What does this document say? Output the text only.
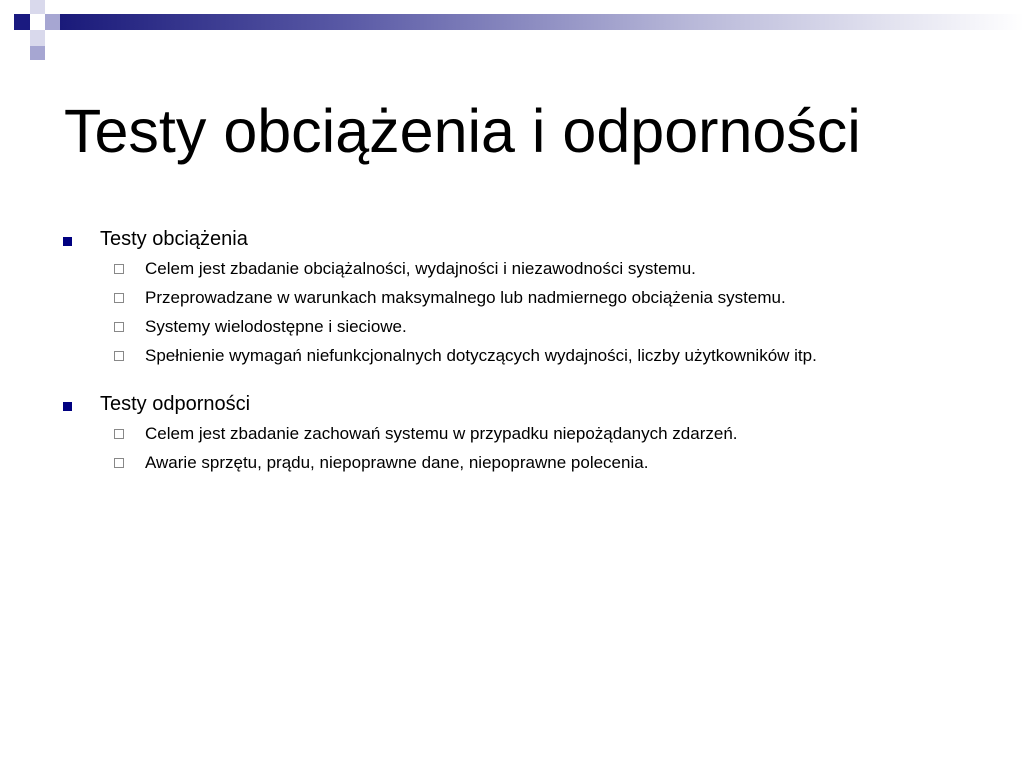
Testy obciążenia i odporności
Testy obciążenia
Celem jest zbadanie obciążalności, wydajności i niezawodności systemu.
Przeprowadzane w warunkach maksymalnego lub nadmiernego obciążenia systemu.
Systemy wielodostępne i sieciowe.
Spełnienie wymagań niefunkcjonalnych dotyczących wydajności, liczby użytkowników itp.
Testy odporności
Celem jest zbadanie zachowań systemu w przypadku niepożądanych zdarzeń.
Awarie sprzętu, prądu, niepoprawne dane, niepoprawne polecenia.
